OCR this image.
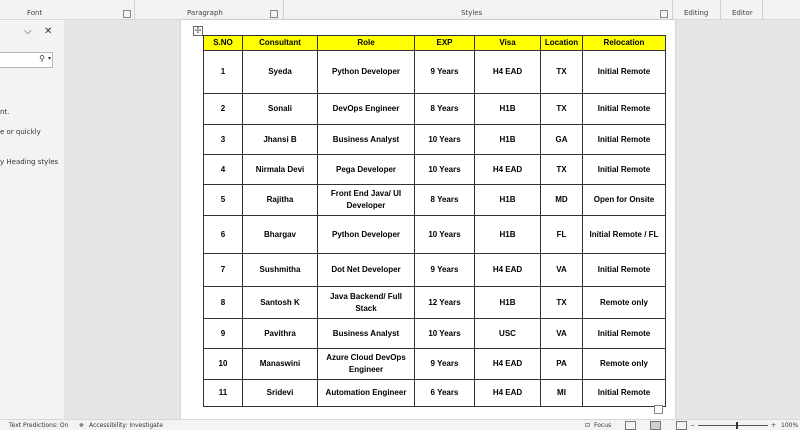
Font	Paragraph	Styles	Editing	Editor
⌵ ✕
⚲ ▾
nt.
e or quickly
y Heading styles
✢
S.NO	Consultant	Role	EXP	Visa	Location	Relocation
1	Syeda	Python Developer	9 Years	H4 EAD	TX	Initial Remote
2	Sonali	DevOps Engineer	8 Years	H1B	TX	Initial Remote
3	Jhansi B	Business Analyst	10 Years	H1B	GA	Initial Remote
4	Nirmala Devi	Pega Developer	10 Years	H4 EAD	TX	Initial Remote
5	Rajitha	Front End Java/ UI Developer	8 Years	H1B	MD	Open for Onsite
6	Bhargav	Python Developer	10 Years	H1B	FL	Initial Remote / FL
7	Sushmitha	Dot Net Developer	9 Years	H4 EAD	VA	Initial Remote
8	Santosh K	Java Backend/ Full Stack	12 Years	H1B	TX	Remote only
9	Pavithra	Business Analyst	10 Years	USC	VA	Initial Remote
10	Manaswini	Azure Cloud DevOps Engineer	9 Years	H4 EAD	PA	Remote only
11	Sridevi	Automation Engineer	6 Years	H4 EAD	MI	Initial Remote
Text Predictions: On ⛯ Accessibility: Investigate	⊡ Focus	−	+ 100%
